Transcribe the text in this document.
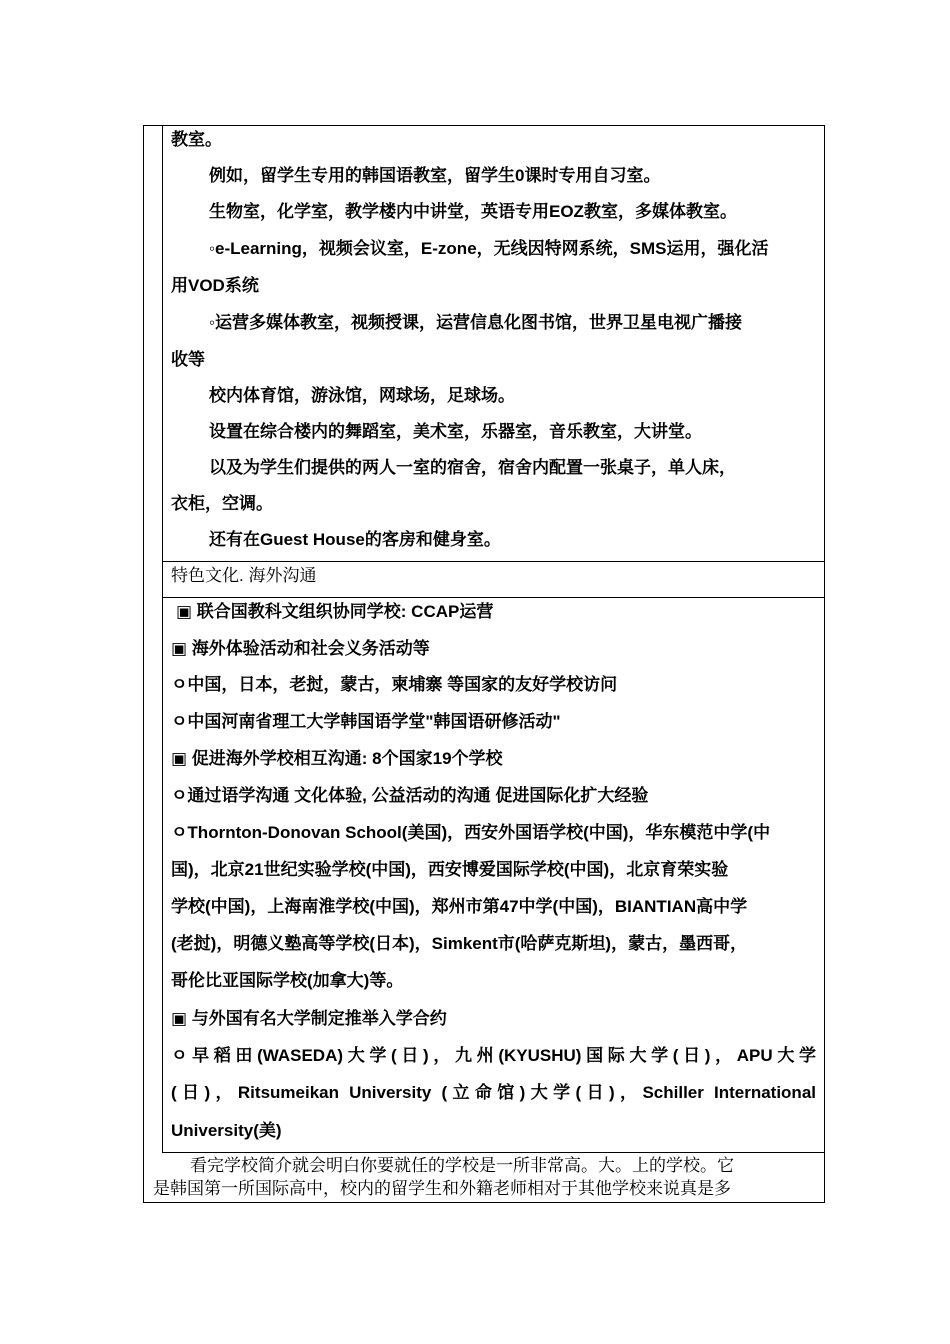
教室。
例如，留学生专用的韩国语教室，留学生0课时专用自习室。
生物室，化学室，教学楼内中讲堂，英语专用EOZ教室，多媒体教室。
◦e-Learning，视频会议室，E-zone，无线因特网系统，SMS运用，强化活
用VOD系统
◦运营多媒体教室，视频授课，运营信息化图书馆，世界卫星电视广播接
收等
校内体育馆，游泳馆，网球场，足球场。
设置在综合楼内的舞蹈室，美术室，乐器室，音乐教室，大讲堂。
以及为学生们提供的两人一室的宿舍，宿舍内配置一张桌子，单人床，
衣柜，空调。
还有在Guest House的客房和健身室。
特色文化. 海外沟通
▣ 联合国教科文组织协同学校: CCAP运营
▣ 海外体验活动和社会义务活动等
ㅇ中国，日本，老挝，蒙古，柬埔寨 等国家的友好学校访问
ㅇ中国河南省理工大学韩国语学堂"韩国语研修活动"
▣ 促进海外学校相互沟通: 8个国家19个学校
ㅇ通过语学沟通 文化体验, 公益活动的沟通 促进国际化扩大经验
ㅇThornton-Donovan School(美国)，西安外国语学校(中国)，华东模范中学(中
国)，北京21世纪实验学校(中国)，西安博爱国际学校(中国)，北京育荣实验
学校(中国)，上海南淮学校(中国)，郑州市第47中学(中国)，BIANTIAN高中学
(老挝)，明德义塾高等学校(日本)，Simkent市(哈萨克斯坦)，蒙古，墨西哥，
哥伦比亚国际学校(加拿大)等。
▣ 与外国有名大学制定推举入学合约
ㅇ早稻田(WASEDA)大学(日)，九州(KYUSHU)国际大学(日)，APU大学
(日)，Ritsumeikan University (立命馆)大学(日)，Schiller International
University(美)
看完学校简介就会明白你要就任的学校是一所非常高。大。上的学校。它
是韩国第一所国际高中，校内的留学生和外籍老师相对于其他学校来说真是多
